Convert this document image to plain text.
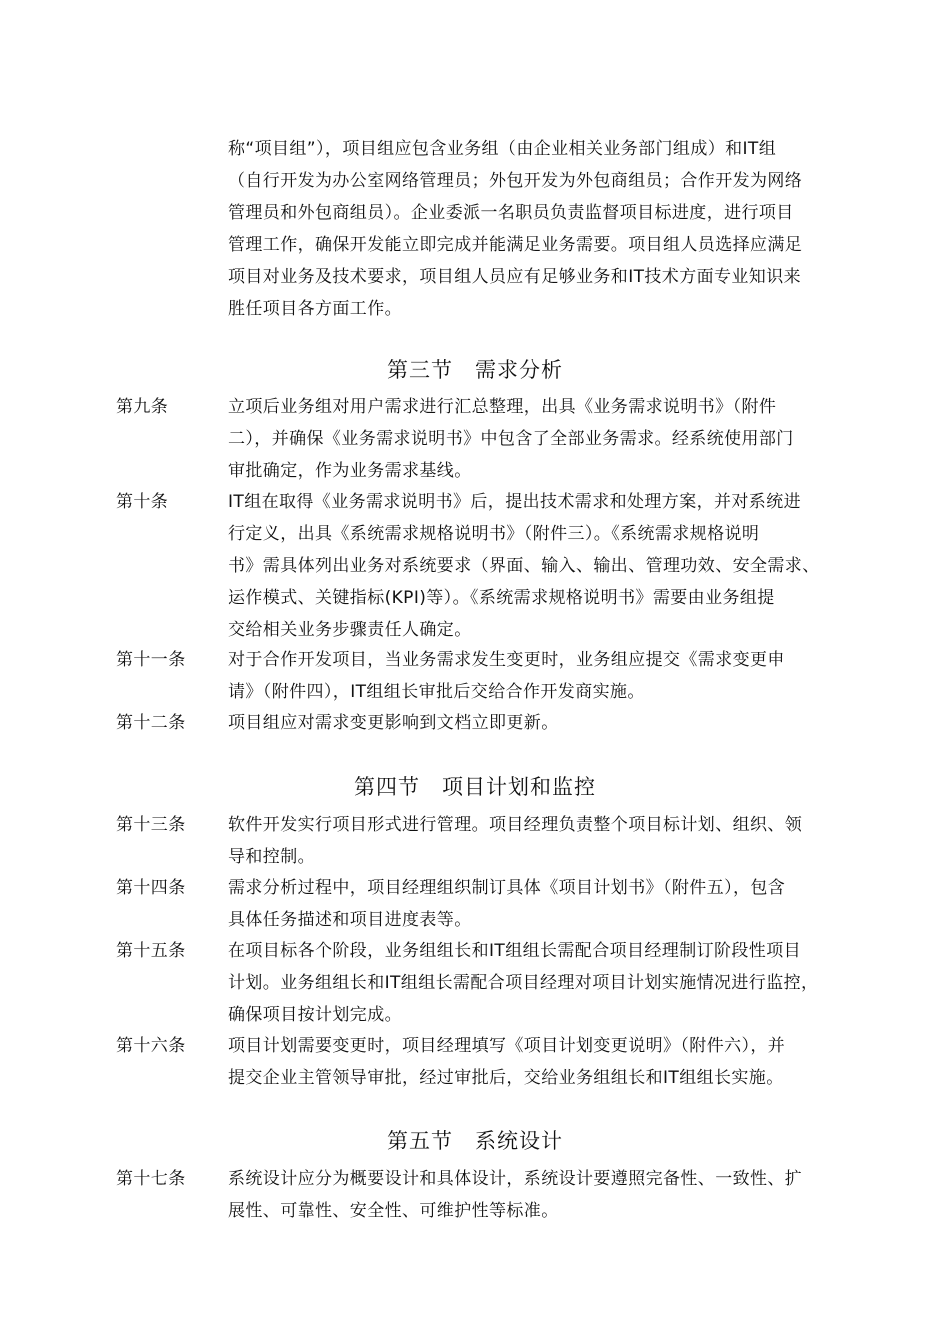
称“项目组”），项目组应包含业务组（由企业相关业务部门组成）和IT组
（自行开发为办公室网络管理员；外包开发为外包商组员；合作开发为网络
管理员和外包商组员）。企业委派一名职员负责监督项目标进度，进行项目
管理工作，确保开发能立即完成并能满足业务需要。项目组人员选择应满足
项目对业务及技术要求，项目组人员应有足够业务和IT技术方面专业知识来
胜任项目各方面工作。
第三节　需求分析
第九条	立项后业务组对用户需求进行汇总整理，出具《业务需求说明书》（附件
二），并确保《业务需求说明书》中包含了全部业务需求。经系统使用部门
审批确定，作为业务需求基线。
第十条	IT组在取得《业务需求说明书》后，提出技术需求和处理方案，并对系统进
行定义，出具《系统需求规格说明书》（附件三）。《系统需求规格说明
书》需具体列出业务对系统要求（界面、输入、输出、管理功效、安全需求、
运作模式、关键指标(KPI)等）。《系统需求规格说明书》需要由业务组提
交给相关业务步骤责任人确定。
第十一条 对于合作开发项目，当业务需求发生变更时，业务组应提交《需求变更申
请》（附件四），IT组组长审批后交给合作开发商实施。
第十二条 项目组应对需求变更影响到文档立即更新。
第四节　项目计划和监控
第十三条 软件开发实行项目形式进行管理。项目经理负责整个项目标计划、组织、领
导和控制。
第十四条 需求分析过程中，项目经理组织制订具体《项目计划书》（附件五），包含
具体任务描述和项目进度表等。
第十五条 在项目标各个阶段，业务组组长和IT组组长需配合项目经理制订阶段性项目
计划。业务组组长和IT组组长需配合项目经理对项目计划实施情况进行监控，
确保项目按计划完成。
第十六条 项目计划需要变更时，项目经理填写《项目计划变更说明》（附件六），并
提交企业主管领导审批，经过审批后，交给业务组组长和IT组组长实施。
第五节　系统设计
第十七条 系统设计应分为概要设计和具体设计，系统设计要遵照完备性、一致性、扩
展性、可靠性、安全性、可维护性等标准。
